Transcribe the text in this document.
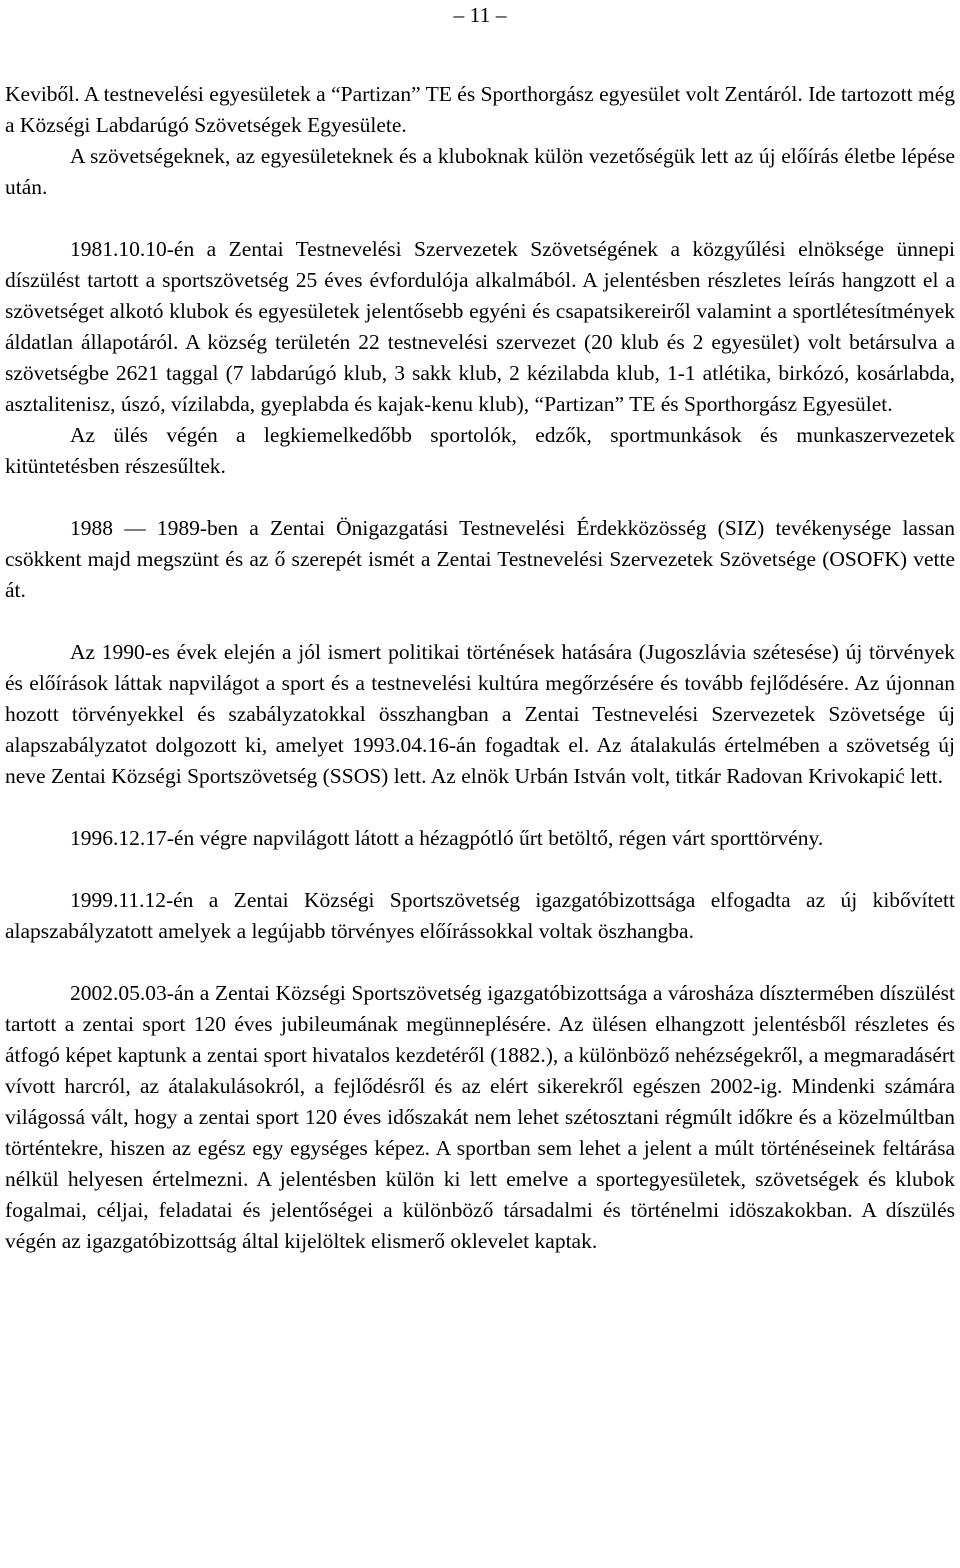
– 11 –

Keviből. A testnevelési egyesületek a “Partizan” TE és Sporthorgász egyesület volt Zentáról. Ide tartozott még a Községi Labdarúgó Szövetségek Egyesülete.

A szövetségeknek, az egyesületeknek és a kluboknak külön vezetőségük lett az új előírás életbe lépése után.

1981.10.10-én a Zentai Testnevelési Szervezetek Szövetségének a közgyűlési elnöksége ünnepi díszülést tartott a sportszövetség 25 éves évfordulója alkalmából. A jelentésben részletes leírás hangzott el a szövetséget alkotó klubok és egyesületek jelentősebb egyéni és csapatsikereiről valamint a sportlétesítmények áldatlan állapotáról. A község területén 22 testnevelési szervezet (20 klub és 2 egyesület) volt betársulva a szövetségbe 2621 taggal (7 labdarúgó klub, 3 sakk klub, 2 kézilabda klub, 1-1 atlétika, birkózó, kosárlabda, asztalitenisz, úszó, vízilabda, gyeplabda és kajak-kenu klub), “Partizan” TE és Sporthorgász Egyesület.

Az ülés végén a legkiemelkedőbb sportolók, edzők, sportmunkások és munkaszervezetek kitüntetésben részesűltek.

1988 — 1989-ben a Zentai Önigazgatási Testnevelési Érdekközösség (SIZ) tevékenysége lassan csökkent majd megszünt és az ő szerepét ismét a Zentai Testnevelési Szervezetek Szövetsége (OSOFK) vette át.

Az 1990-es évek elején a jól ismert politikai történések hatására (Jugoszlávia szétesése) új törvények és előírások láttak napvilágot a sport és a testnevelési kultúra megőrzésére és tovább fejlődésére. Az újonnan hozott törvényekkel és szabályzatokkal összhangban a Zentai Testnevelési Szervezetek Szövetsége új alapszabályzatot dolgozott ki, amelyet 1993.04.16-án fogadtak el. Az átalakulás értelmében a szövetség új neve Zentai Községi Sportszövetség (SSOS) lett. Az elnök Urbán István volt, titkár Radovan Krivokapić lett.

1996.12.17-én végre napvilágott látott a hézagpótló űrt betöltő, régen várt sporttörvény.

1999.11.12-én a Zentai Községi Sportszövetség igazgatóbizottsága elfogadta az új kibővített alapszabályzatott amelyek a legújabb törvényes előírássokkal voltak öszhangba.

2002.05.03-án a Zentai Községi Sportszövetség igazgatóbizottsága a városháza dísztermében díszülést tartott a zentai sport 120 éves jubileumának megünneplésére. Az ülésen elhangzott jelentésből részletes és átfogó képet kaptunk a zentai sport hivatalos kezdetéről (1882.), a különböző nehézségekről, a megmaradásért vívott harcról, az átalakulásokról, a fejlődésről és az elért sikerekről egészen 2002-ig. Mindenki számára világossá vált, hogy a zentai sport 120 éves időszakát nem lehet szétosztani régmúlt időkre és a közelmúltban történtekre, hiszen az egész egy egységes képez. A sportban sem lehet a jelent a múlt történéseinek feltárása nélkül helyesen értelmezni. A jelentésben külön ki lett emelve a sportegyesületek, szövetségek és klubok fogalmai, céljai, feladatai és jelentőségei a különböző társadalmi és történelmi idöszakokban. A díszülés végén az igazgatóbizottság által kijelöltek elismerő oklevelet kaptak.
